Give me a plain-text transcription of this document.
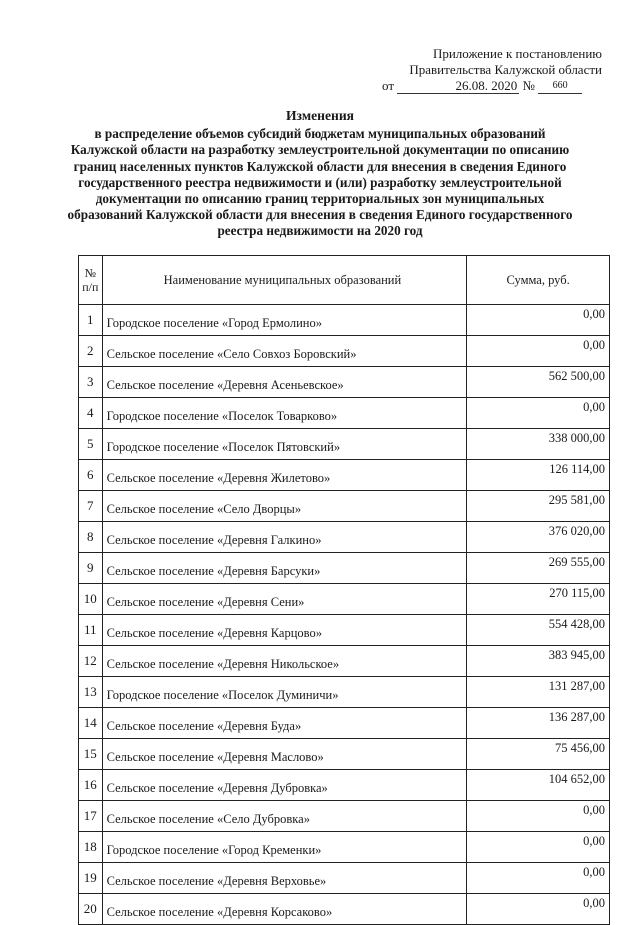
Приложение к постановлению
Правительства Калужской области
от	26.08. 2020 № 660
Изменения
в распределение объемов субсидий бюджетам муниципальных образований Калужской области на разработку землеустроительной документации по описанию границ населенных пунктов Калужской области для внесения в сведения Единого государственного реестра недвижимости и (или) разработку землеустроительной документации по описанию границ территориальных зон муниципальных образований Калужской области для внесения в сведения Единого государственного реестра недвижимости на 2020 год
№ п/п	Наименование муниципальных образований	Сумма, руб.
1	Городское поселение «Город Ермолино»	0,00
2	Сельское поселение «Село Совхоз Боровский»	0,00
3	Сельское поселение «Деревня Асеньевское»	562 500,00
4	Городское поселение «Поселок Товарково»	0,00
5	Городское поселение «Поселок Пятовский»	338 000,00
6	Сельское поселение «Деревня Жилетово»	126 114,00
7	Сельское поселение «Село Дворцы»	295 581,00
8	Сельское поселение «Деревня Галкино»	376 020,00
9	Сельское поселение «Деревня Барсуки»	269 555,00
10	Сельское поселение «Деревня Сени»	270 115,00
11	Сельское поселение «Деревня Карцово»	554 428,00
12	Сельское поселение «Деревня Никольское»	383 945,00
13	Городское поселение «Поселок Думиничи»	131 287,00
14	Сельское поселение «Деревня Буда»	136 287,00
15	Сельское поселение «Деревня Маслово»	75 456,00
16	Сельское поселение «Деревня Дубровка»	104 652,00
17	Сельское поселение «Село Дубровка»	0,00
18	Городское поселение «Город Кременки»	0,00
19	Сельское поселение «Деревня Верховье»	0,00
20	Сельское поселение «Деревня Корсаково»	0,00
